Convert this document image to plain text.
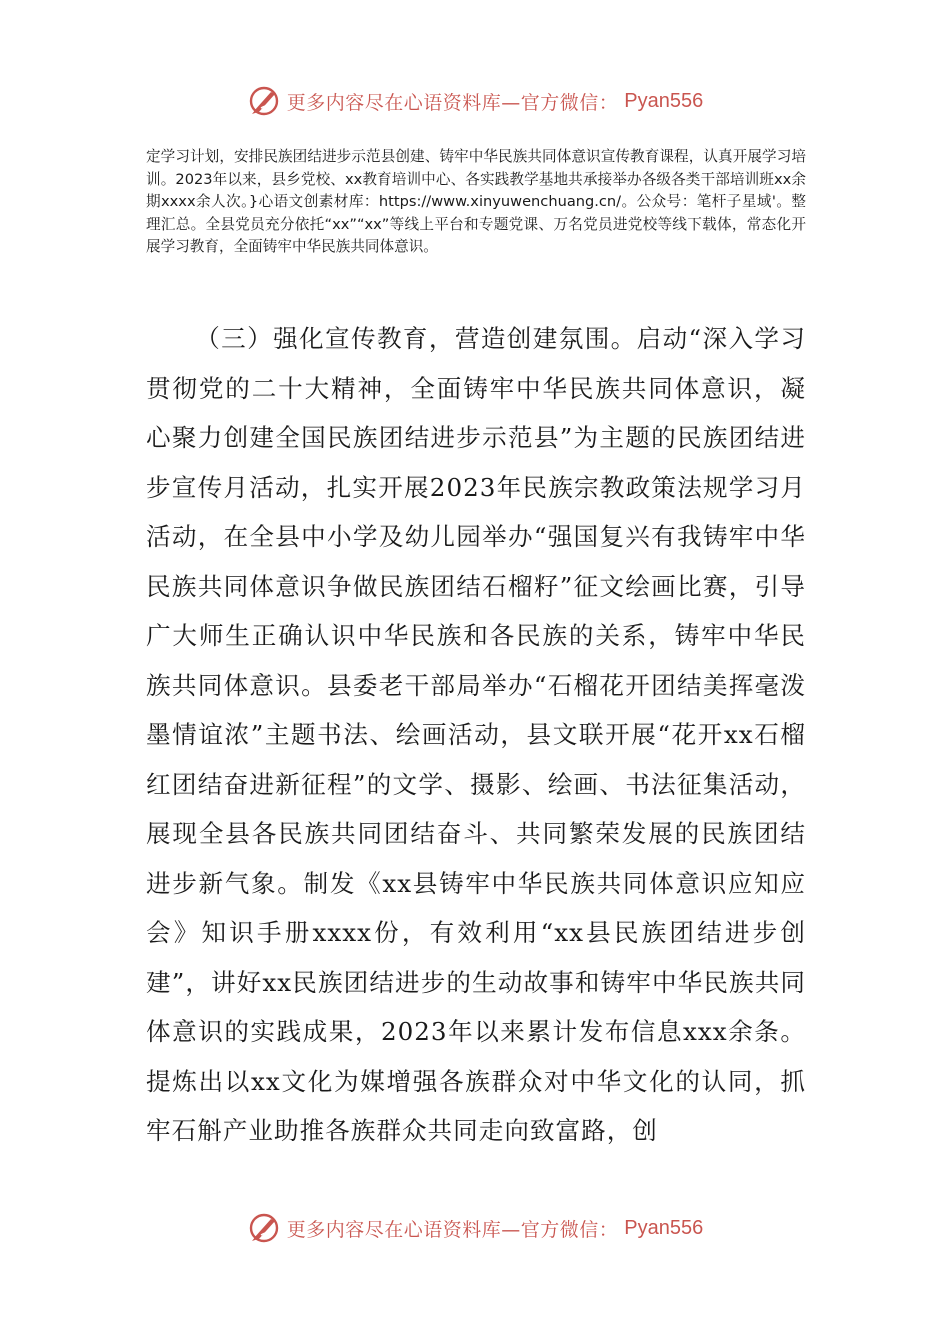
更多内容尽在心语资料库—官方微信： Pyan556

定学习计划，安排民族团结进步示范县创建、铸牢中华民族共同体意识宣传教育课程，认真开展学习培训。2023年以来，县乡党校、xx教育培训中心、各实践教学基地共承接举办各级各类干部培训班xx余期xxxx余人次。}心语文创素材库：https://www.xinyuwenchuang.cn/。公众号：笔杆子星域'。整理汇总。全县党员充分依托“xx”“xx”等线上平台和专题党课、万名党员进党校等线下载体，常态化开展学习教育，全面铸牢中华民族共同体意识。

（三）强化宣传教育，营造创建氛围。启动“深入学习贯彻党的二十大精神，全面铸牢中华民族共同体意识，凝心聚力创建全国民族团结进步示范县”为主题的民族团结进步宣传月活动，扎实开展2023年民族宗教政策法规学习月活动，在全县中小学及幼儿园举办“强国复兴有我铸牢中华民族共同体意识争做民族团结石榴籽”征文绘画比赛，引导广大师生正确认识中华民族和各民族的关系，铸牢中华民族共同体意识。县委老干部局举办“石榴花开团结美挥毫泼墨情谊浓”主题书法、绘画活动，县文联开展“花开xx石榴红团结奋进新征程”的文学、摄影、绘画、书法征集活动，展现全县各民族共同团结奋斗、共同繁荣发展的民族团结进步新气象。制发《xx县铸牢中华民族共同体意识应知应会》知识手册xxxx份，有效利用“xx县民族团结进步创建”，讲好xx民族团结进步的生动故事和铸牢中华民族共同体意识的实践成果，2023年以来累计发布信息xxx余条。提炼出以xx文化为媒增强各族群众对中华文化的认同，抓牢石斛产业助推各族群众共同走向致富路，创

更多内容尽在心语资料库—官方微信： Pyan556
